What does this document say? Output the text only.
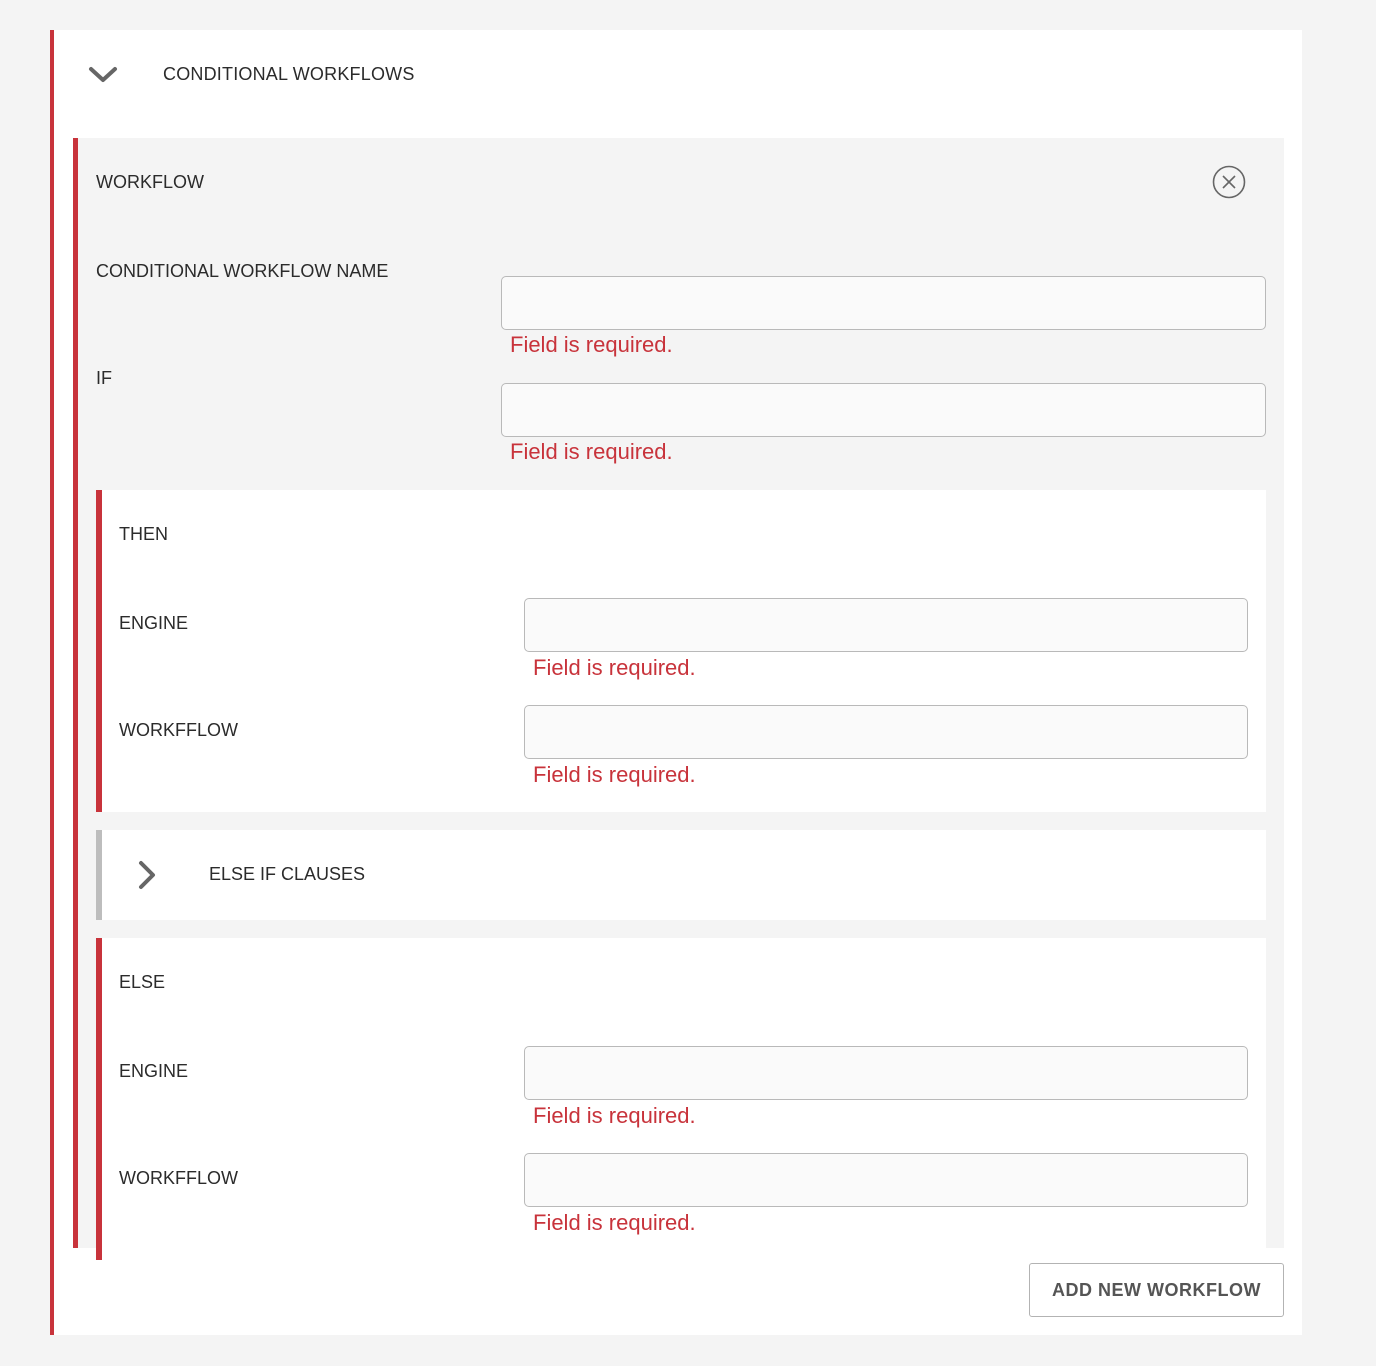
CONDITIONAL WORKFLOWS
WORKFLOW
CONDITIONAL WORKFLOW NAME
Field is required.
IF
Field is required.
THEN
ENGINE
Field is required.
WORKFFLOW
Field is required.
ELSE IF CLAUSES
ELSE
ENGINE
Field is required.
WORKFFLOW
Field is required.
ADD NEW WORKFLOW
